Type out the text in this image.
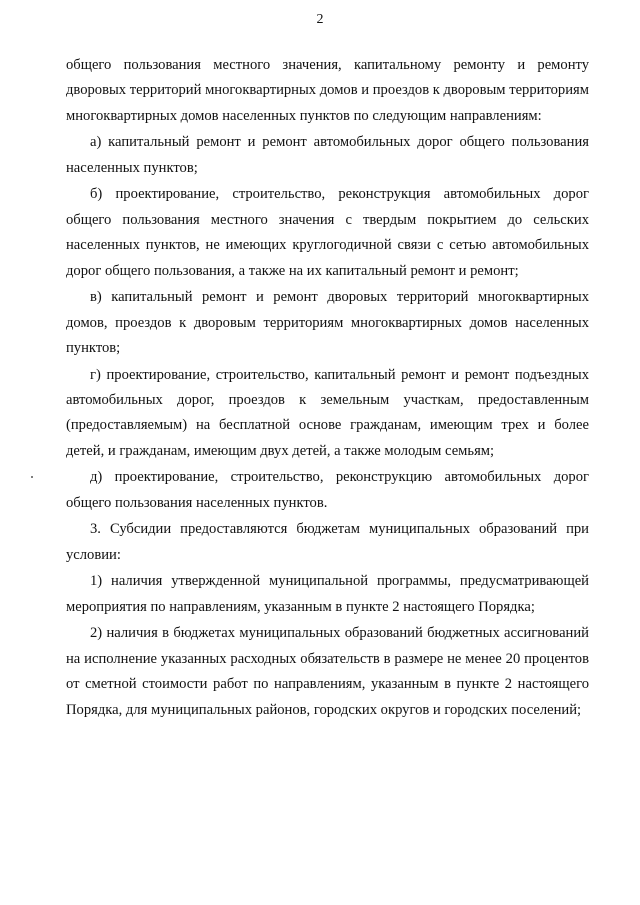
2

общего пользования местного значения, капитальному ремонту и ремонту дворовых территорий многоквартирных домов и проездов к дворовым территориям многоквартирных домов населенных пунктов по следующим направлениям:

а) капитальный ремонт и ремонт автомобильных дорог общего пользования населенных пунктов;

б) проектирование, строительство, реконструкция автомобильных дорог общего пользования местного значения с твердым покрытием до сельских населенных пунктов, не имеющих круглогодичной связи с сетью автомобильных дорог общего пользования, а также на их капитальный ремонт и ремонт;

в) капитальный ремонт и ремонт дворовых территорий многоквартирных домов, проездов к дворовым территориям многоквартирных домов населенных пунктов;

г) проектирование, строительство, капитальный ремонт и ремонт подъездных автомобильных дорог, проездов к земельным участкам, предоставленным (предоставляемым) на бесплатной основе гражданам, имеющим трех и более детей, и гражданам, имеющим двух детей, а также молодым семьям;

д) проектирование, строительство, реконструкцию автомобильных дорог общего пользования населенных пунктов.

3. Субсидии предоставляются бюджетам муниципальных образований при условии:

1) наличия утвержденной муниципальной программы, предусматривающей мероприятия по направлениям, указанным в пункте 2 настоящего Порядка;

2) наличия в бюджетах муниципальных образований бюджетных ассигнований на исполнение указанных расходных обязательств в размере не менее 20 процентов от сметной стоимости работ по направлениям, указанным в пункте 2 настоящего Порядка, для муниципальных районов, городских округов и городских поселений;
